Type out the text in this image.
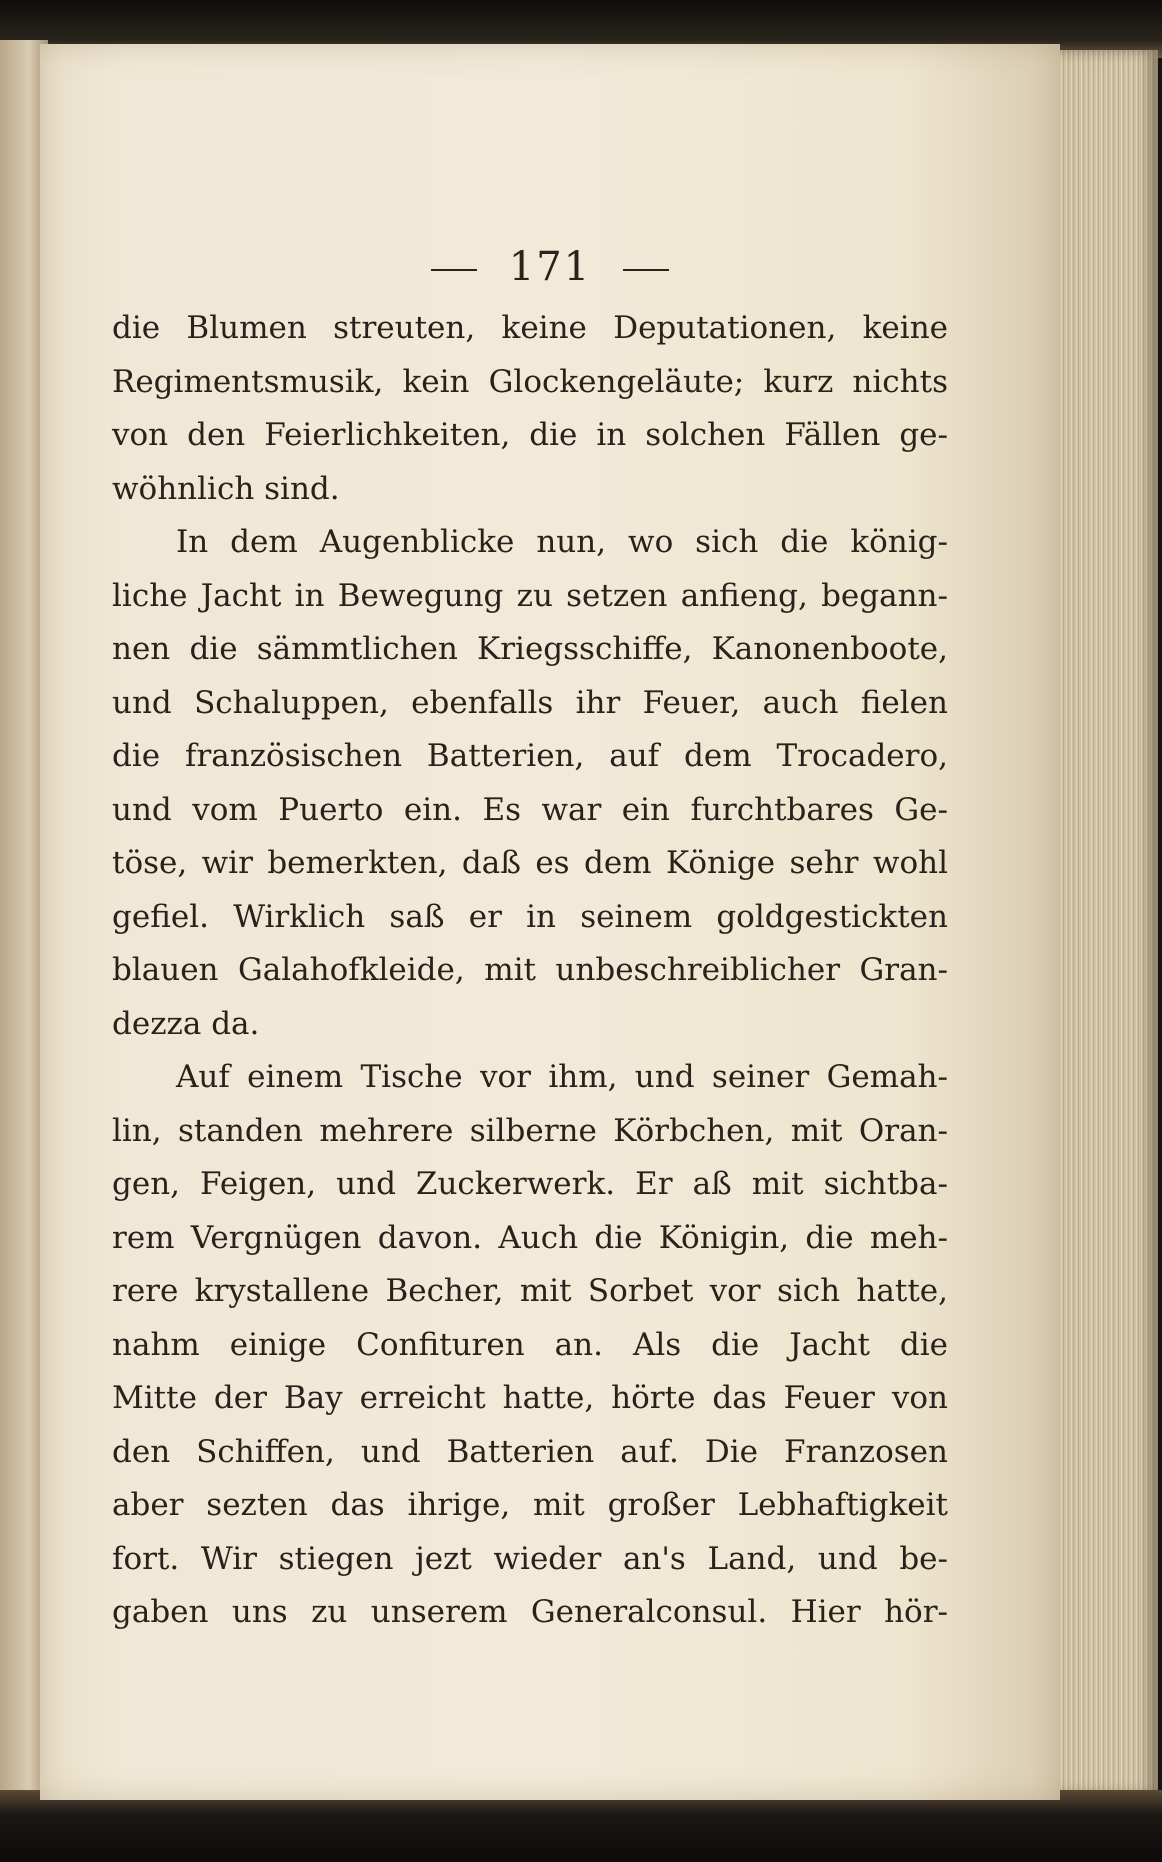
171
die Blumen streuten, keine Deputationen, keine
Regimentsmusik, kein Glockengeläute; kurz nichts
von den Feierlichkeiten, die in solchen Fällen ge-
wöhnlich sind.
In dem Augenblicke nun, wo sich die könig-
liche Jacht in Bewegung zu setzen anfieng, begann-
nen die sämmtlichen Kriegsschiffe, Kanonenboote,
und Schaluppen, ebenfalls ihr Feuer, auch fielen
die französischen Batterien, auf dem Trocadero,
und vom Puerto ein. Es war ein furchtbares Ge-
töse, wir bemerkten, daß es dem Könige sehr wohl
gefiel. Wirklich saß er in seinem goldgestickten
blauen Galahofkleide, mit unbeschreiblicher Gran-
dezza da.
Auf einem Tische vor ihm, und seiner Gemah-
lin, standen mehrere silberne Körbchen, mit Oran-
gen, Feigen, und Zuckerwerk. Er aß mit sichtba-
rem Vergnügen davon. Auch die Königin, die meh-
rere krystallene Becher, mit Sorbet vor sich hatte,
nahm einige Confituren an. Als die Jacht die
Mitte der Bay erreicht hatte, hörte das Feuer von
den Schiffen, und Batterien auf. Die Franzosen
aber sezten das ihrige, mit großer Lebhaftigkeit
fort. Wir stiegen jezt wieder an's Land, und be-
gaben uns zu unserem Generalconsul. Hier hör-
